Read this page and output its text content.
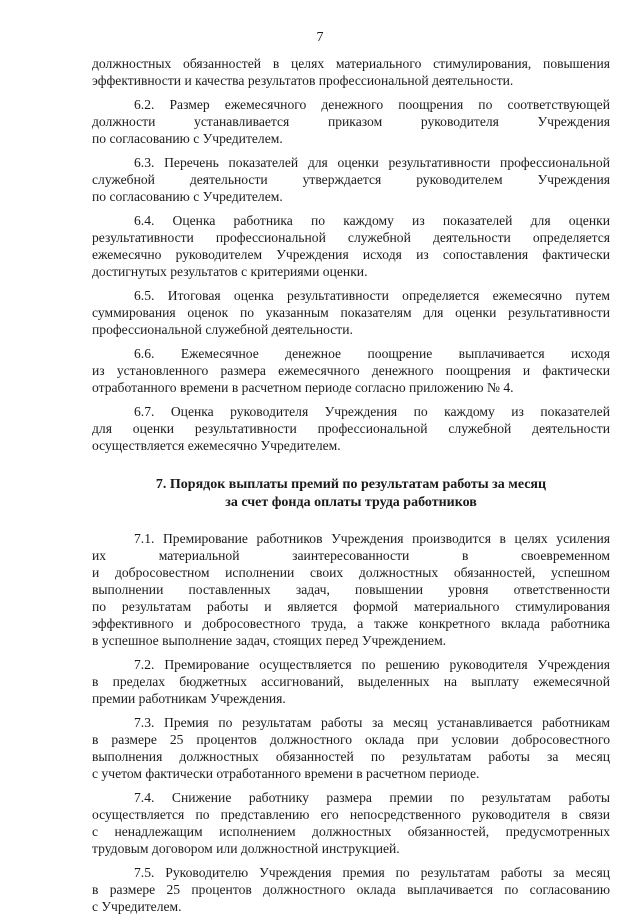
7
должностных обязанностей в целях материального стимулирования, повышения
эффективности и качества результатов профессиональной деятельности.
6.2. Размер ежемесячного денежного поощрения по соответствующей
должности устанавливается приказом руководителя Учреждения
по согласованию с Учредителем.
6.3. Перечень показателей для оценки результативности профессиональной
служебной деятельности утверждается руководителем Учреждения
по согласованию с Учредителем.
6.4. Оценка работника по каждому из показателей для оценки
результативности профессиональной служебной деятельности определяется
ежемесячно руководителем Учреждения исходя из сопоставления фактически
достигнутых результатов с критериями оценки.
6.5. Итоговая оценка результативности определяется ежемесячно путем
суммирования оценок по указанным показателям для оценки результативности
профессиональной служебной деятельности.
6.6. Ежемесячное денежное поощрение выплачивается исходя
из установленного размера ежемесячного денежного поощрения и фактически
отработанного времени в расчетном периоде согласно приложению № 4.
6.7. Оценка руководителя Учреждения по каждому из показателей
для оценки результативности профессиональной служебной деятельности
осуществляется ежемесячно Учредителем.
7. Порядок выплаты премий по результатам работы за месяц
за счет фонда оплаты труда работников
7.1. Премирование работников Учреждения производится в целях усиления
их материальной заинтересованности в своевременном
и добросовестном исполнении своих должностных обязанностей, успешном
выполнении поставленных задач, повышении уровня ответственности
по результатам работы и является формой материального стимулирования
эффективного и добросовестного труда, а также конкретного вклада работника
в успешное выполнение задач, стоящих перед Учреждением.
7.2. Премирование осуществляется по решению руководителя Учреждения
в пределах бюджетных ассигнований, выделенных на выплату ежемесячной
премии работникам Учреждения.
7.3. Премия по результатам работы за месяц устанавливается работникам
в размере 25 процентов должностного оклада при условии добросовестного
выполнения должностных обязанностей по результатам работы за месяц
с учетом фактически отработанного времени в расчетном периоде.
7.4. Снижение работнику размера премии по результатам работы
осуществляется по представлению его непосредственного руководителя в связи
с ненадлежащим исполнением должностных обязанностей, предусмотренных
трудовым договором или должностной инструкцией.
7.5. Руководителю Учреждения премия по результатам работы за месяц
в размере 25 процентов должностного оклада выплачивается по согласованию
с Учредителем.
